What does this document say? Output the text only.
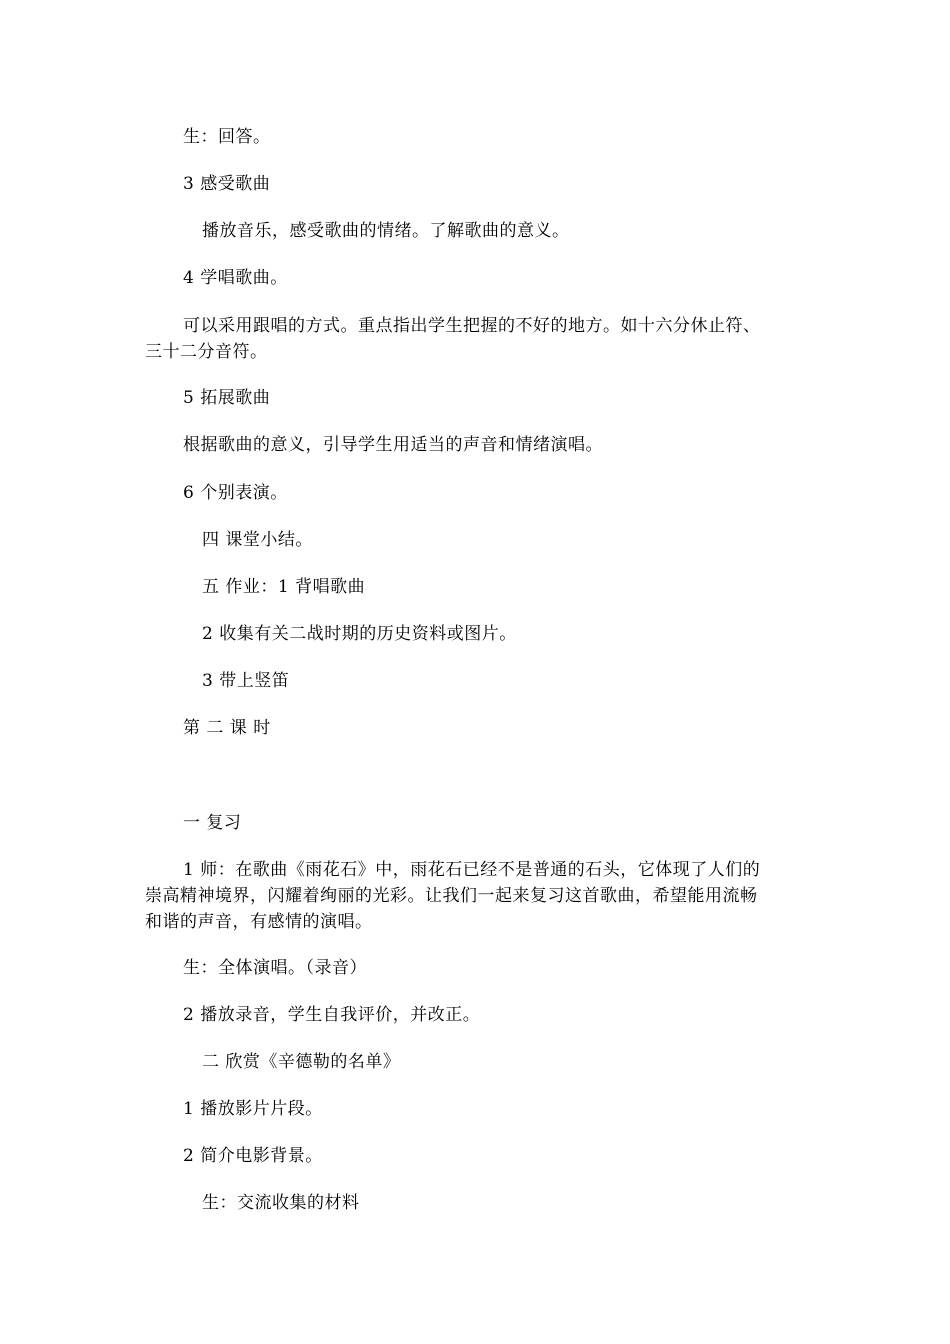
生：回答。
3 感受歌曲
播放音乐，感受歌曲的情绪。了解歌曲的意义。
4 学唱歌曲。
可以采用跟唱的方式。重点指出学生把握的不好的地方。如十六分休止符、
三十二分音符。
5 拓展歌曲
根据歌曲的意义，引导学生用适当的声音和情绪演唱。
6 个别表演。
四 课堂小结。
五 作业：1 背唱歌曲
2 收集有关二战时期的历史资料或图片。
3 带上竖笛
第 二 课 时
一 复习
1 师：在歌曲《雨花石》中，雨花石已经不是普通的石头，它体现了人们的
崇高精神境界，闪耀着绚丽的光彩。让我们一起来复习这首歌曲，希望能用流畅
和谐的声音，有感情的演唱。
生：全体演唱。（录音）
2 播放录音，学生自我评价，并改正。
二 欣赏《辛德勒的名单》
1 播放影片片段。
2 简介电影背景。
生：交流收集的材料
